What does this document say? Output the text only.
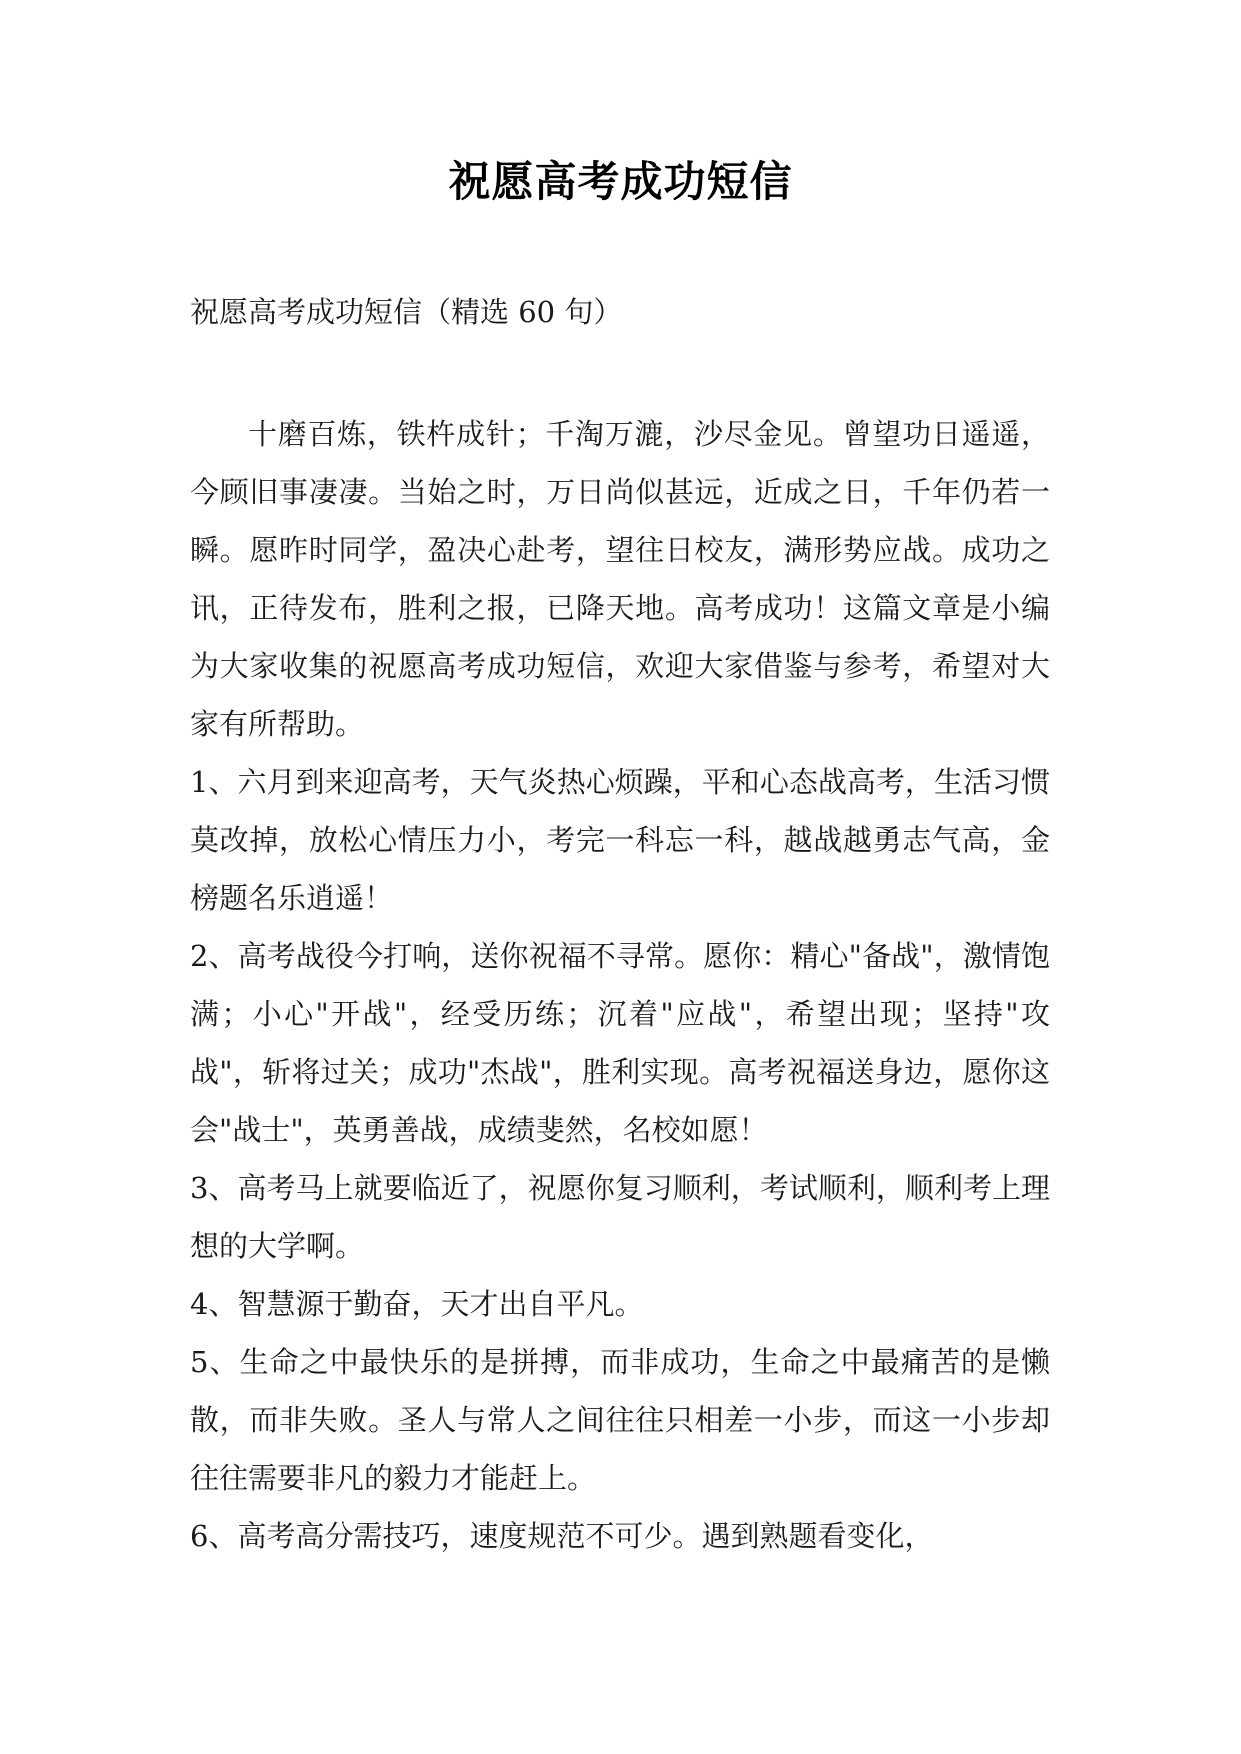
祝愿高考成功短信
祝愿高考成功短信（精选 60 句）

十磨百炼，铁杵成针；千淘万漉，沙尽金见。曾望功日遥遥，今顾旧事凄凄。当始之时，万日尚似甚远，近成之日，千年仍若一瞬。愿昨时同学，盈决心赴考，望往日校友，满形势应战。成功之讯，正待发布，胜利之报，已降天地。高考成功！这篇文章是小编为大家收集的祝愿高考成功短信，欢迎大家借鉴与参考，希望对大家有所帮助。

1、六月到来迎高考，天气炎热心烦躁，平和心态战高考，生活习惯莫改掉，放松心情压力小，考完一科忘一科，越战越勇志气高，金榜题名乐逍遥！

2、高考战役今打响，送你祝福不寻常。愿你：精心"备战"，激情饱满；小心"开战"，经受历练；沉着"应战"，希望出现；坚持"攻战"，斩将过关；成功"杰战"，胜利实现。高考祝福送身边，愿你这会"战士"，英勇善战，成绩斐然，名校如愿！

3、高考马上就要临近了，祝愿你复习顺利，考试顺利，顺利考上理想的大学啊。

4、智慧源于勤奋，天才出自平凡。

5、生命之中最快乐的是拼搏，而非成功，生命之中最痛苦的是懒散，而非失败。圣人与常人之间往往只相差一小步，而这一小步却往往需要非凡的毅力才能赶上。

6、高考高分需技巧，速度规范不可少。遇到熟题看变化，
